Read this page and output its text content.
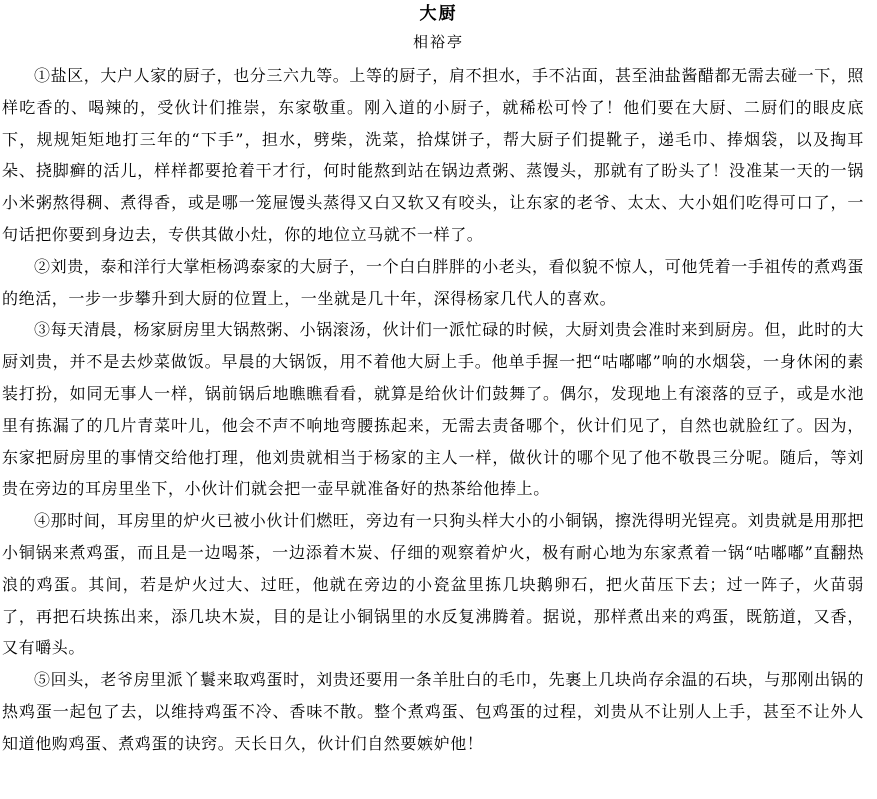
大厨
相裕亭

①盐区，大户人家的厨子，也分三六九等。上等的厨子，肩不担水，手不沾面，甚至油盐酱醋都无需去碰一下，照样吃香的、喝辣的，受伙计们推崇，东家敬重。刚入道的小厨子，就稀松可怜了！他们要在大厨、二厨们的眼皮底下，规规矩矩地打三年的“下手”，担水，劈柴，洗菜，拾煤饼子，帮大厨子们提靴子，递毛巾、捧烟袋，以及掏耳朵、挠脚癣的活儿，样样都要抢着干才行，何时能熬到站在锅边煮粥、蒸馒头，那就有了盼头了！没准某一天的一锅小米粥熬得稠、煮得香，或是哪一笼屉馒头蒸得又白又软又有咬头，让东家的老爷、太太、大小姐们吃得可口了，一句话把你要到身边去，专供其做小灶，你的地位立马就不一样了。

②刘贵，泰和洋行大掌柜杨鸿泰家的大厨子，一个白白胖胖的小老头，看似貌不惊人，可他凭着一手祖传的煮鸡蛋的绝活，一步一步攀升到大厨的位置上，一坐就是几十年，深得杨家几代人的喜欢。

③每天清晨，杨家厨房里大锅熬粥、小锅滚汤，伙计们一派忙碌的时候，大厨刘贵会准时来到厨房。但，此时的大厨刘贵，并不是去炒菜做饭。早晨的大锅饭，用不着他大厨上手。他单手握一把“咕嘟嘟”响的水烟袋，一身休闲的素装打扮，如同无事人一样，锅前锅后地瞧瞧看看，就算是给伙计们鼓舞了。偶尔，发现地上有滚落的豆子，或是水池里有拣漏了的几片青菜叶儿，他会不声不响地弯腰拣起来，无需去责备哪个，伙计们见了，自然也就脸红了。因为，东家把厨房里的事情交给他打理，他刘贵就相当于杨家的主人一样，做伙计的哪个见了他不敬畏三分呢。随后，等刘贵在旁边的耳房里坐下，小伙计们就会把一壶早就准备好的热茶给他捧上。

④那时间，耳房里的炉火已被小伙计们燃旺，旁边有一只狗头样大小的小铜锅，擦洗得明光锃亮。刘贵就是用那把小铜锅来煮鸡蛋，而且是一边喝茶，一边添着木炭、仔细的观察着炉火，极有耐心地为东家煮着一锅“咕嘟嘟”直翻热浪的鸡蛋。其间，若是炉火过大、过旺，他就在旁边的小瓷盆里拣几块鹅卵石，把火苗压下去；过一阵子，火苗弱了，再把石块拣出来，添几块木炭，目的是让小铜锅里的水反复沸腾着。据说，那样煮出来的鸡蛋，既筋道，又香，又有嚼头。

⑤回头，老爷房里派丫鬟来取鸡蛋时，刘贵还要用一条羊肚白的毛巾，先裹上几块尚存余温的石块，与那刚出锅的热鸡蛋一起包了去，以维持鸡蛋不冷、香味不散。整个煮鸡蛋、包鸡蛋的过程，刘贵从不让别人上手，甚至不让外人知道他购鸡蛋、煮鸡蛋的诀窍。天长日久，伙计们自然要嫉妒他！
